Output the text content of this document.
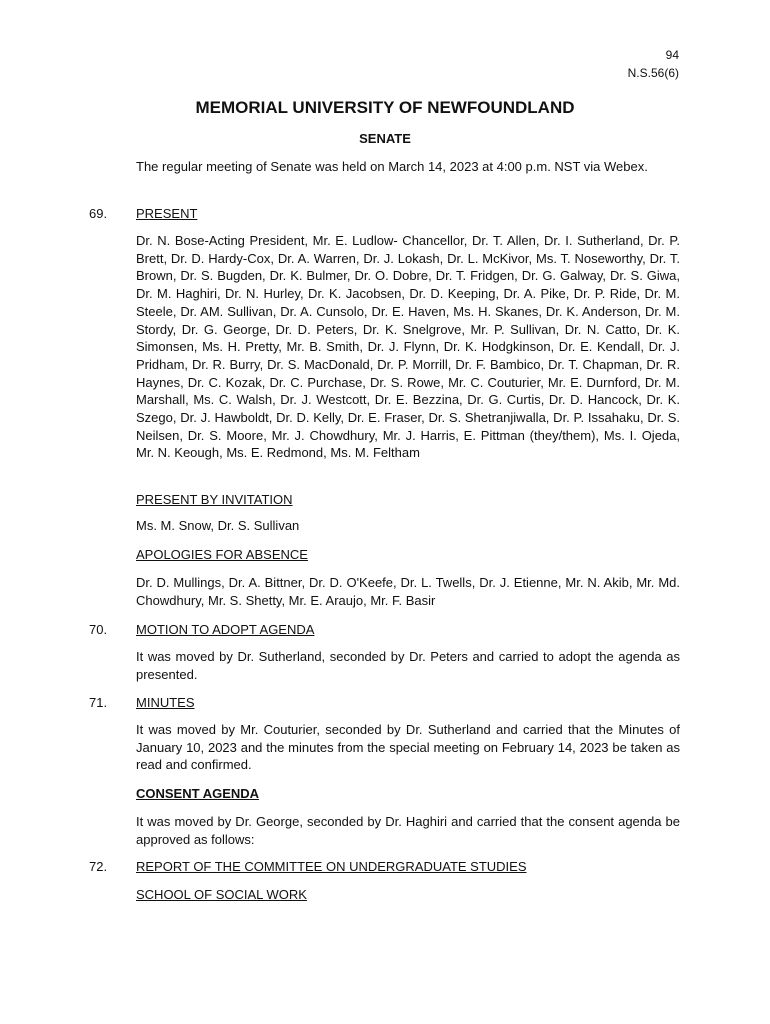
94
N.S.56(6)
MEMORIAL UNIVERSITY OF NEWFOUNDLAND
SENATE
The regular meeting of Senate was held on March 14, 2023 at 4:00 p.m. NST via Webex.
69. PRESENT
Dr. N. Bose-Acting President, Mr. E. Ludlow- Chancellor, Dr. T. Allen, Dr. I. Sutherland, Dr. P. Brett, Dr. D. Hardy-Cox, Dr. A. Warren, Dr. J. Lokash, Dr. L. McKivor, Ms. T. Noseworthy, Dr. T. Brown, Dr. S. Bugden, Dr. K. Bulmer, Dr. O. Dobre, Dr. T. Fridgen, Dr. G. Galway, Dr. S. Giwa, Dr. M. Haghiri, Dr. N. Hurley, Dr. K. Jacobsen, Dr. D. Keeping, Dr. A. Pike, Dr. P. Ride, Dr. M. Steele, Dr. AM. Sullivan, Dr. A. Cunsolo, Dr. E. Haven, Ms. H. Skanes, Dr. K. Anderson, Dr. M. Stordy, Dr. G. George, Dr. D. Peters, Dr. K. Snelgrove, Mr. P. Sullivan, Dr. N. Catto, Dr. K. Simonsen, Ms. H. Pretty, Mr. B. Smith, Dr. J. Flynn, Dr. K. Hodgkinson, Dr. E. Kendall, Dr. J. Pridham, Dr. R. Burry, Dr. S. MacDonald, Dr. P. Morrill, Dr. F. Bambico, Dr. T. Chapman, Dr. R. Haynes, Dr. C. Kozak, Dr. C. Purchase, Dr. S. Rowe, Mr. C. Couturier, Mr. E. Durnford, Dr. M. Marshall, Ms. C. Walsh, Dr. J. Westcott, Dr. E. Bezzina, Dr. G. Curtis, Dr. D. Hancock, Dr. K. Szego, Dr. J. Hawboldt, Dr. D. Kelly, Dr. E. Fraser, Dr. S. Shetranjiwalla, Dr. P. Issahaku, Dr. S. Neilsen, Dr. S. Moore, Mr. J. Chowdhury, Mr. J. Harris, E. Pittman (they/them), Ms. I. Ojeda, Mr. N. Keough, Ms. E. Redmond, Ms. M. Feltham
PRESENT BY INVITATION
Ms. M. Snow, Dr. S. Sullivan
APOLOGIES FOR ABSENCE
Dr. D. Mullings, Dr. A. Bittner, Dr. D. O'Keefe, Dr. L. Twells, Dr. J. Etienne, Mr. N. Akib, Mr. Md. Chowdhury, Mr. S. Shetty, Mr. E. Araujo, Mr. F. Basir
70. MOTION TO ADOPT AGENDA
It was moved by Dr. Sutherland, seconded by Dr. Peters and carried to adopt the agenda as presented.
71. MINUTES
It was moved by Mr. Couturier, seconded by Dr. Sutherland and carried that the Minutes of January 10, 2023 and the minutes from the special meeting on February 14, 2023 be taken as read and confirmed.
CONSENT AGENDA
It was moved by Dr. George, seconded by Dr. Haghiri and carried that the consent agenda be approved as follows:
72. REPORT OF THE COMMITTEE ON UNDERGRADUATE STUDIES
SCHOOL OF SOCIAL WORK
